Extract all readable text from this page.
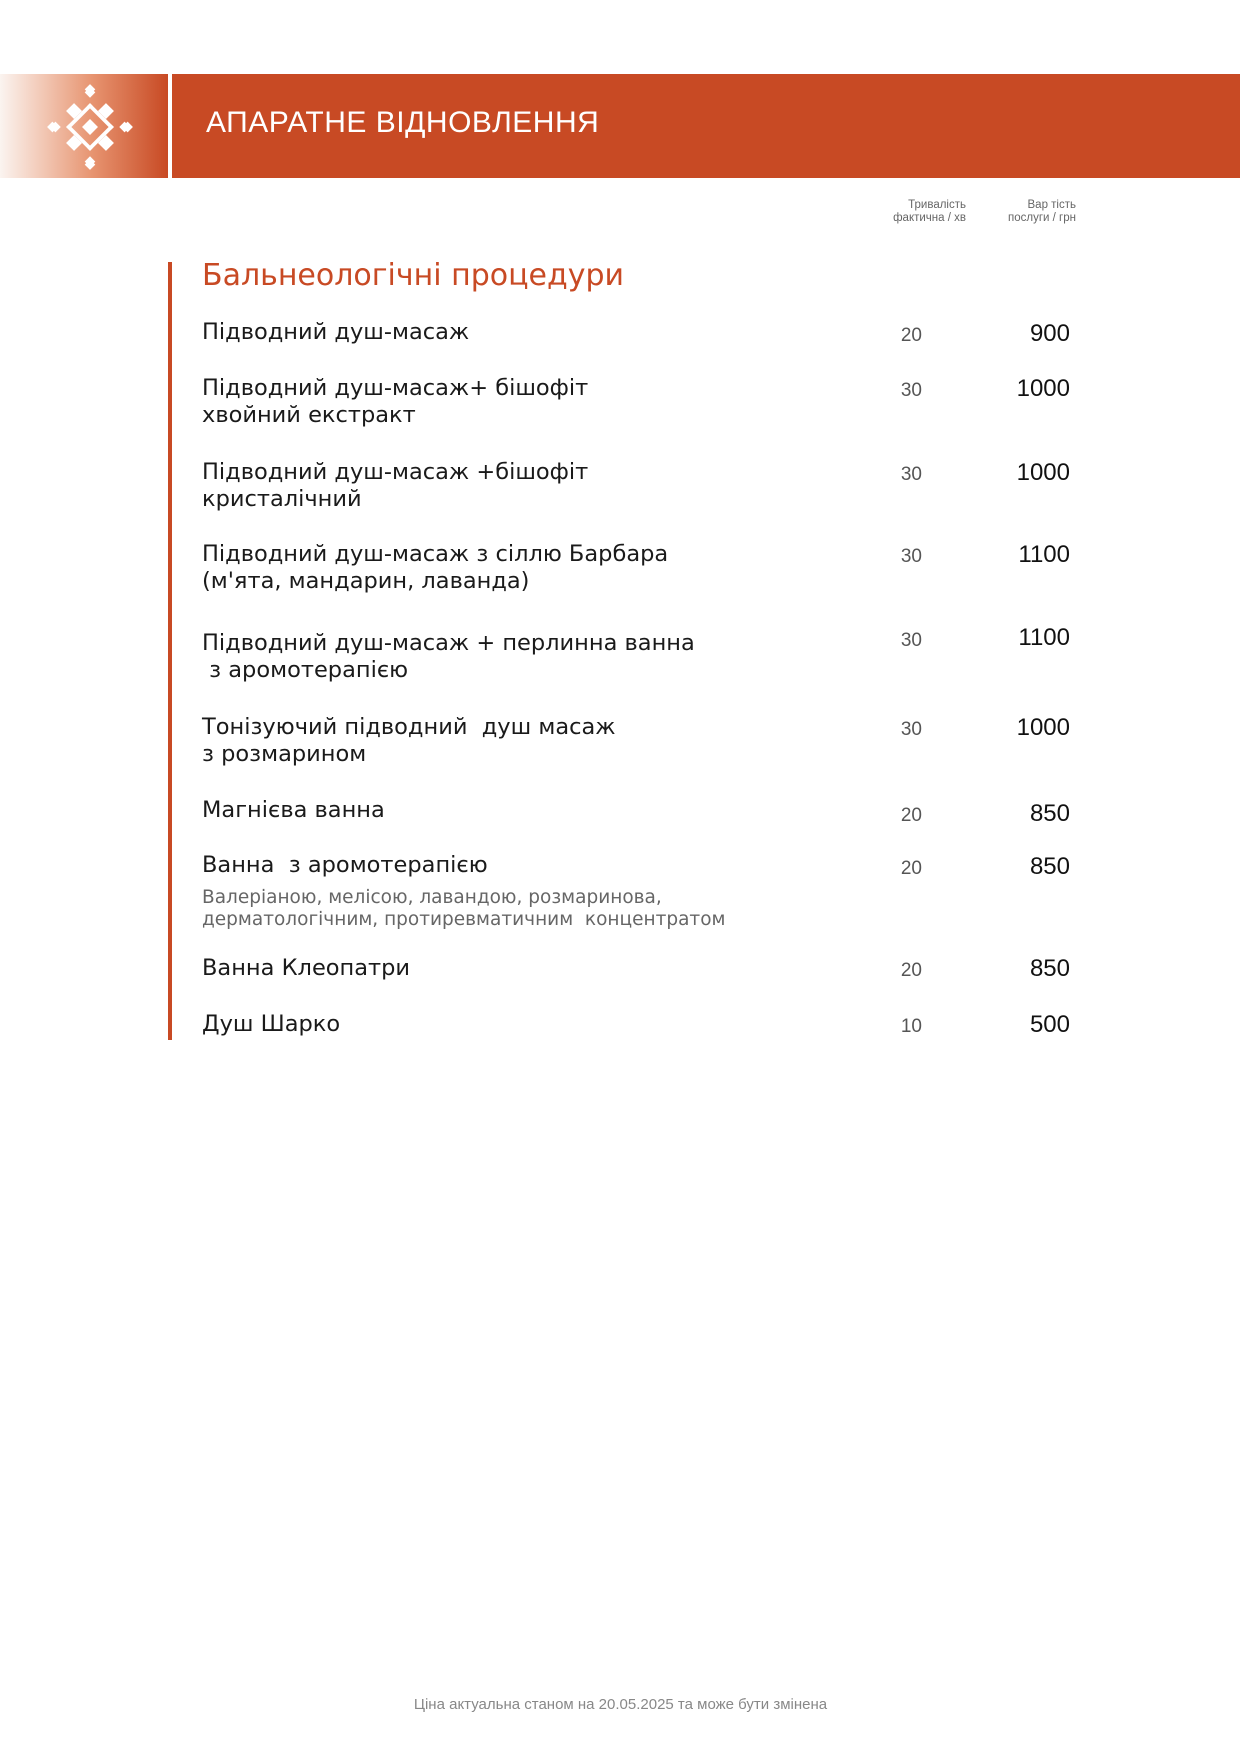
АПАРАТНЕ ВІДНОВЛЕННЯ
Тривалість
фактична / хв
Вар тість
послуги / грн
Бальнеологічні процедури
Підводний душ-масаж	20	900
Підводний душ-масаж+ бішофіт
хвойний екстракт
30	1000
Підводний душ-масаж +бішофіт
кристалічний
30	1000
Підводний душ-масаж з сіллю Барбара
(м'ята, мандарин, лаванда)
30	1100
Підводний душ-масаж + перлинна ванна
з аромотерапією
30	1100
Тонізуючий підводний  душ масаж
з розмарином
30	1000
Магнієва ванна	20	850
Ванна  з аромотерапією
Валеріаною, мелісою, лавандою, розмаринова,
дерматологічним, протиревматичним  концентратом
20	850
Ванна Клеопатри	20	850
Душ Шарко	10	500
Ціна актуальна станом на 20.05.2025 та може бути змінена
